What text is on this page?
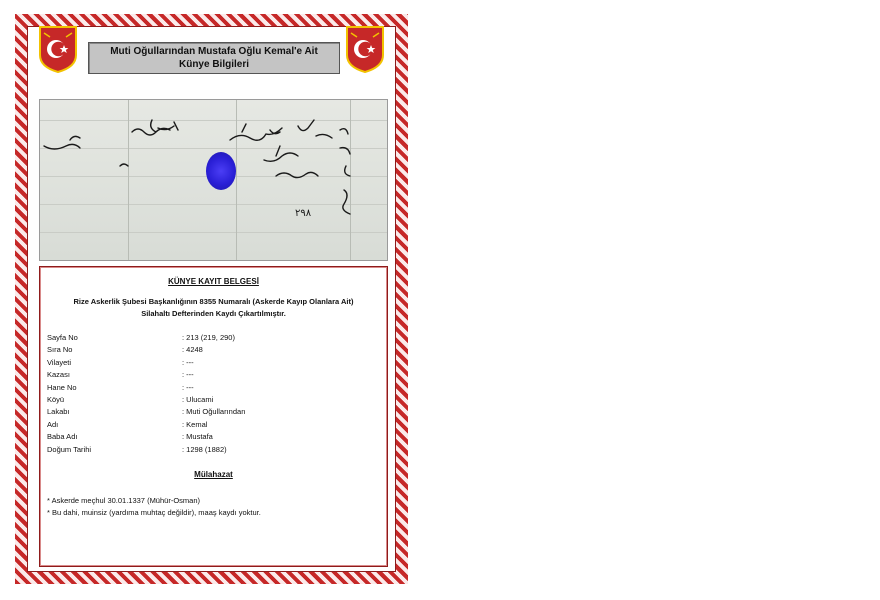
Muti Oğullarından Mustafa Oğlu Kemal'e Ait
Künye Bilgileri
٢٩٨
KÜNYE KAYIT BELGESİ
Rize Askerlik Şubesi Başkanlığının 8355 Numaralı (Askerde Kayıp Olanlara Ait)
Silahaltı Defterinden Kaydı Çıkartılmıştır.
Sayfa No	: 213 (219, 290)
Sıra No	: 4248
Vilayeti	: ---
Kazası	: ---
Hane No	: ---
Köyü	: Ulucami
Lakabı	: Muti Oğullarından
Adı	: Kemal
Baba Adı	: Mustafa
Doğum Tarihi	: 1298 (1882)
Mülahazat
* Askerde meçhul 30.01.1337 (Mühür-Osman)
* Bu dahi, muinsiz (yardıma muhtaç değildir), maaş kaydı yoktur.
